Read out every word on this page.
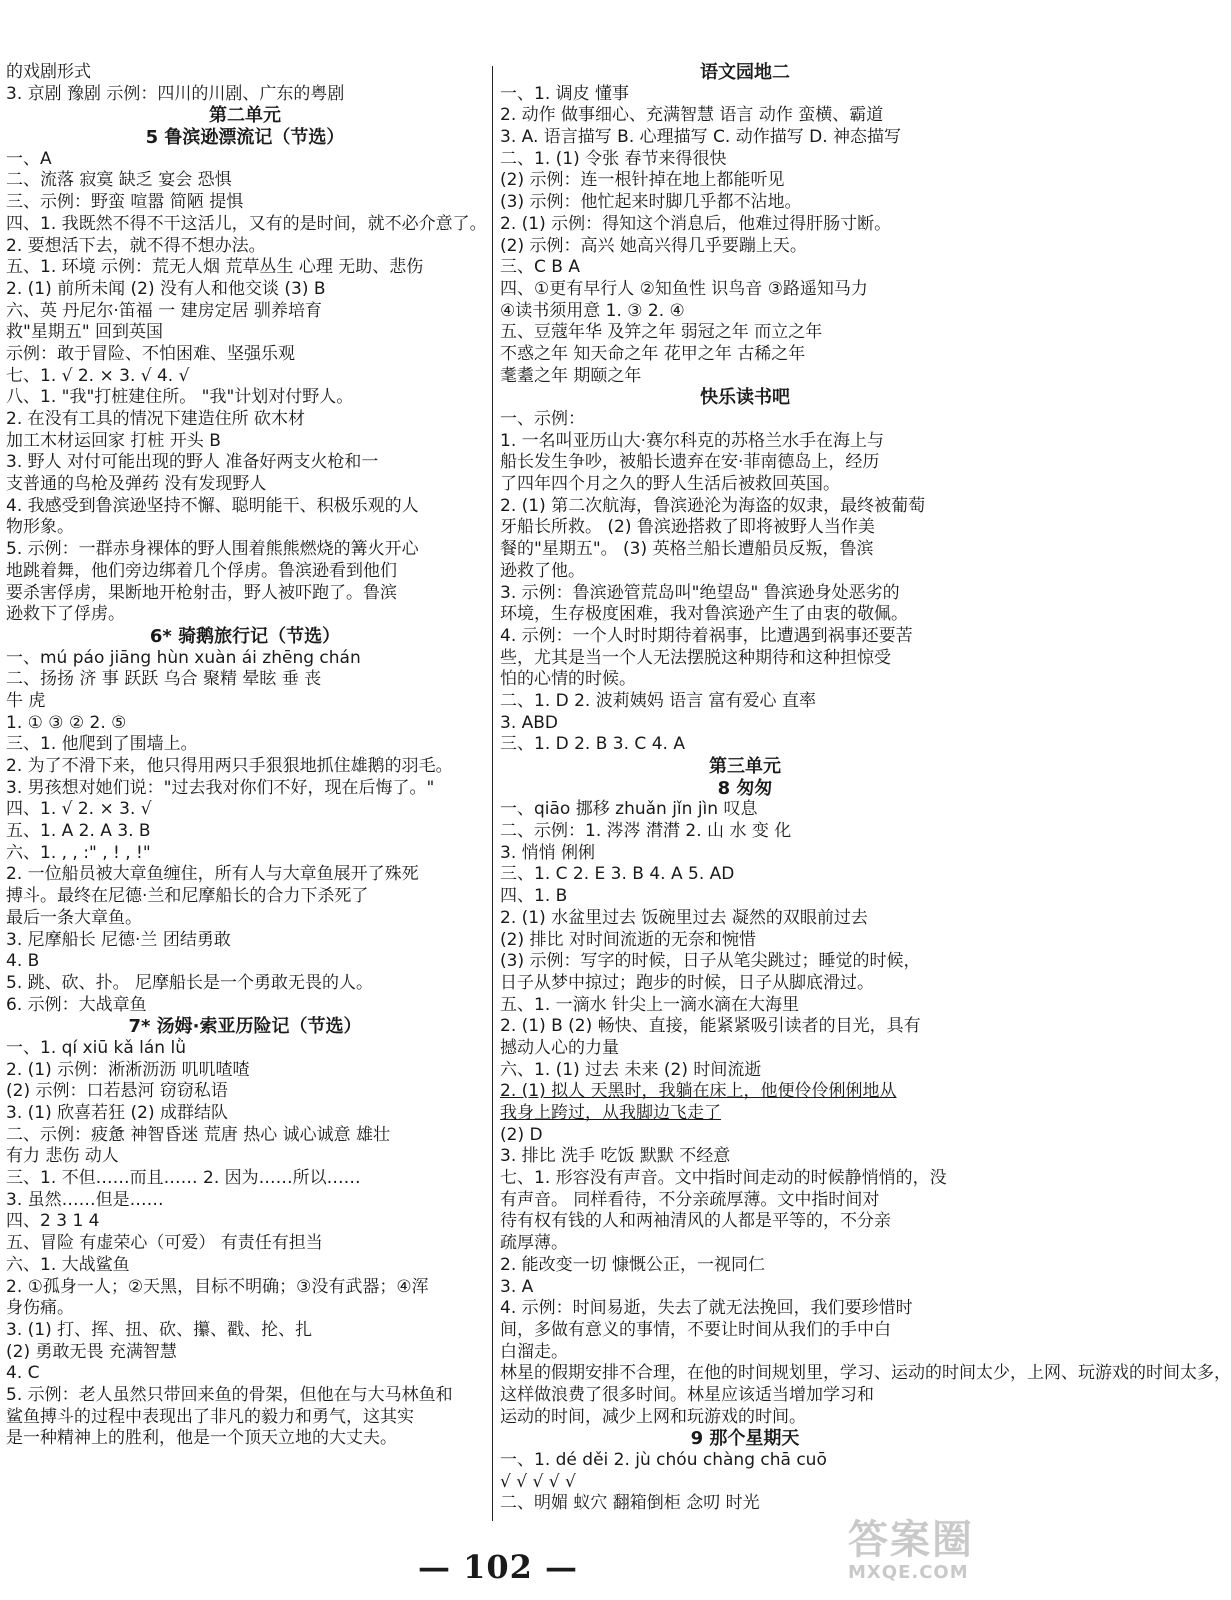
的戏剧形式
3. 京剧 豫剧 示例：四川的川剧、广东的粤剧
第二单元
5 鲁滨逊漂流记（节选）
一、A
二、流落 寂寞 缺乏 宴会 恐惧
三、示例：野蛮 喧嚣 简陋 提惧
四、1. 我既然不得不干这活儿，又有的是时间，就不必介意了。
2. 要想活下去，就不得不想办法。
五、1. 环境 示例：荒无人烟 荒草丛生 心理 无助、悲伤
2. (1) 前所未闻 (2) 没有人和他交谈 (3) B
六、英 丹尼尔·笛福 一 建房定居 驯养培育
救"星期五" 回到英国
示例：敢于冒险、不怕困难、坚强乐观
七、1. √ 2. × 3. √ 4. √
八、1. "我"打桩建住所。 "我"计划对付野人。
2. 在没有工具的情况下建造住所 砍木材
加工木材运回家 打桩 开头 B
3. 野人 对付可能出现的野人 准备好两支火枪和一
支普通的鸟枪及弹药 没有发现野人
4. 我感受到鲁滨逊坚持不懈、聪明能干、积极乐观的人
物形象。
5. 示例：一群赤身裸体的野人围着熊熊燃烧的篝火开心
地跳着舞，他们旁边绑着几个俘虏。鲁滨逊看到他们
要杀害俘虏，果断地开枪射击，野人被吓跑了。鲁滨
逊救下了俘虏。
6* 骑鹅旅行记（节选）
一、mú páo jiāng hùn xuàn ái zhēng chán
二、扬扬 济 事 跃跃 乌合 聚精 晕眩 垂 丧
牛 虎
1. ① ③ ② 2. ⑤
三、1. 他爬到了围墙上。
2. 为了不滑下来，他只得用两只手狠狠地抓住雄鹅的羽毛。
3. 男孩想对她们说："过去我对你们不好，现在后悔了。"
四、1. √ 2. × 3. √
五、1. A 2. A 3. B
六、1. , , :" , ! , !"
2. 一位船员被大章鱼缠住，所有人与大章鱼展开了殊死
搏斗。最终在尼德·兰和尼摩船长的合力下杀死了
最后一条大章鱼。
3. 尼摩船长 尼德·兰 团结勇敢
4. B
5. 跳、砍、扑。 尼摩船长是一个勇敢无畏的人。
6. 示例：大战章鱼
7* 汤姆·索亚历险记（节选）
一、1. qí xiū kǎ lán lǜ
2. (1) 示例：淅淅沥沥 叽叽喳喳
(2) 示例：口若悬河 窃窃私语
3. (1) 欣喜若狂 (2) 成群结队
二、示例：疲惫 神智昏迷 荒唐 热心 诚心诚意 雄壮
有力 悲伤 动人
三、1. 不但……而且…… 2. 因为……所以……
3. 虽然……但是……
四、2 3 1 4
五、冒险 有虚荣心（可爱） 有责任有担当
六、1. 大战鲨鱼
2. ①孤身一人；②天黑，目标不明确；③没有武器；④浑
身伤痛。
3. (1) 打、挥、扭、砍、攥、戳、抡、扎
(2) 勇敢无畏 充满智慧
4. C
5. 示例：老人虽然只带回来鱼的骨架，但他在与大马林鱼和
鲨鱼搏斗的过程中表现出了非凡的毅力和勇气，这其实
是一种精神上的胜利，他是一个顶天立地的大丈夫。
语文园地二
一、1. 调皮 懂事
2. 动作 做事细心、充满智慧 语言 动作 蛮横、霸道
3. A. 语言描写 B. 心理描写 C. 动作描写 D. 神态描写
二、1. (1) 令张 春节来得很快
(2) 示例：连一根针掉在地上都能听见
(3) 示例：他忙起来时脚几乎都不沾地。
2. (1) 示例：得知这个消息后，他难过得肝肠寸断。
(2) 示例：高兴 她高兴得几乎要蹦上天。
三、C B A
四、①更有早行人 ②知鱼性 识鸟音 ③路遥知马力
④读书须用意 1. ③ 2. ④
五、豆蔻年华 及笄之年 弱冠之年 而立之年
不惑之年 知天命之年 花甲之年 古稀之年
耄耋之年 期颐之年
快乐读书吧
一、示例：
1. 一名叫亚历山大·赛尔科克的苏格兰水手在海上与
船长发生争吵，被船长遗弃在安·菲南德岛上，经历
了四年四个月之久的野人生活后被救回英国。
2. (1) 第二次航海，鲁滨逊沦为海盗的奴隶，最终被葡萄
牙船长所救。 (2) 鲁滨逊搭救了即将被野人当作美
餐的"星期五"。 (3) 英格兰船长遭船员反叛，鲁滨
逊救了他。
3. 示例：鲁滨逊管荒岛叫"绝望岛" 鲁滨逊身处恶劣的
环境，生存极度困难，我对鲁滨逊产生了由衷的敬佩。
4. 示例：一个人时时期待着祸事，比遭遇到祸事还要苦
些，尤其是当一个人无法摆脱这种期待和这种担惊受
怕的心情的时候。
二、1. D 2. 波莉姨妈 语言 富有爱心 直率
3. ABD
三、1. D 2. B 3. C 4. A
第三单元
8 匆匆
一、qiāo 挪移 zhuǎn jǐn jìn 叹息
二、示例：1. 涔涔 潸潸 2. 山 水 变 化
3. 悄悄 俐俐
三、1. C 2. E 3. B 4. A 5. AD
四、1. B
2. (1) 水盆里过去 饭碗里过去 凝然的双眼前过去
(2) 排比 对时间流逝的无奈和惋惜
(3) 示例：写字的时候，日子从笔尖跳过；睡觉的时候，
日子从梦中掠过；跑步的时候，日子从脚底滑过。
五、1. 一滴水 针尖上一滴水滴在大海里
2. (1) B (2) 畅快、直接，能紧紧吸引读者的目光，具有
撼动人心的力量
六、1. (1) 过去 未来 (2) 时间流逝
2. (1) 拟人 天黑时，我躺在床上，他便伶伶俐俐地从
我身上跨过，从我脚边飞走了
(2) D
3. 排比 洗手 吃饭 默默 不经意
七、1. 形容没有声音。文中指时间走动的时候静悄悄的，没
有声音。 同样看待，不分亲疏厚薄。文中指时间对
待有权有钱的人和两袖清风的人都是平等的，不分亲
疏厚薄。
2. 能改变一切 慷慨公正，一视同仁
3. A
4. 示例：时间易逝，失去了就无法挽回，我们要珍惜时
间，多做有意义的事情，不要让时间从我们的手中白
白溜走。
林星的假期安排不合理，在他的时间规划里，学习、运动的时间太少，上网、玩游戏的时间太多，
这样做浪费了很多时间。林星应该适当增加学习和
运动的时间，减少上网和玩游戏的时间。
9 那个星期天
一、1. dé děi 2. jù chóu chàng chā cuō
√ √ √ √ √
二、明媚 蚁穴 翻箱倒柜 念叨 时光
— 102 —
答案圈
MXQE.COM
